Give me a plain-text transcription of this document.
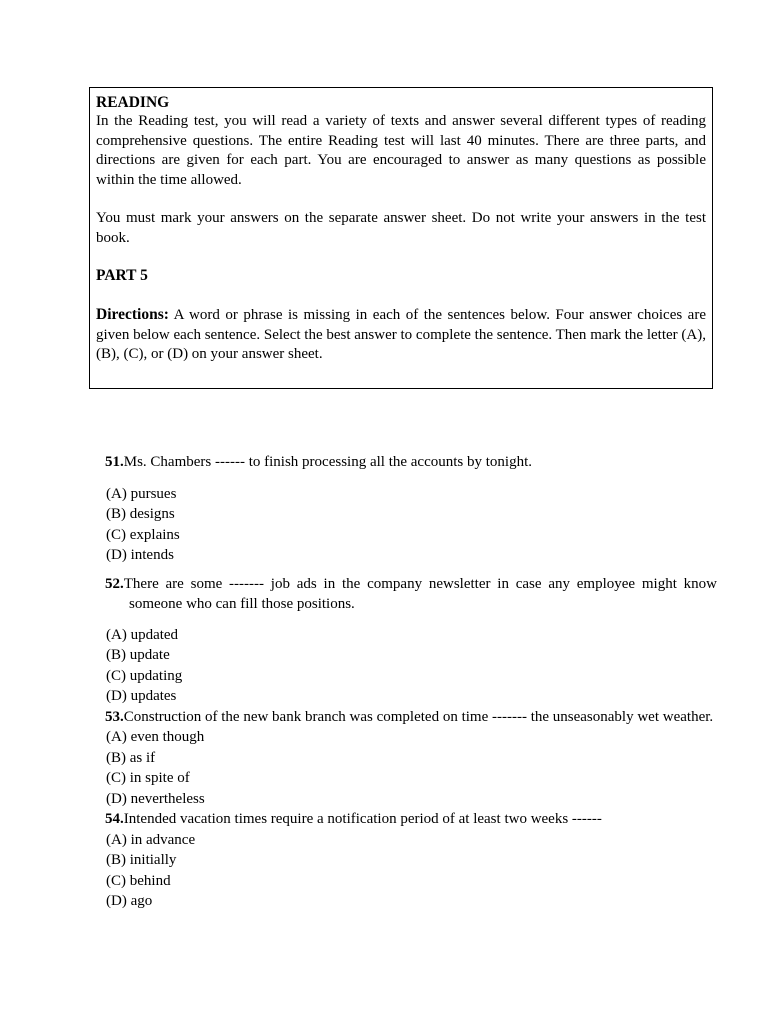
READING

In the Reading test, you will read a variety of texts and answer several different types of reading comprehensive questions. The entire Reading test will last 40 minutes. There are three parts, and directions are given for each part. You are encouraged to answer as many questions as possible within the time allowed.

You must mark your answers on the separate answer sheet. Do not write your answers in the test book.

PART 5

Directions: A word or phrase is missing in each of the sentences below. Four answer choices are given below each sentence. Select the best answer to complete the sentence. Then mark the letter (A), (B), (C), or (D) on your answer sheet.

51.Ms. Chambers ------ to finish processing all the accounts by tonight.
(A) pursues
(B) designs
(C) explains
(D) intends
52.There are some ------- job ads in the company newsletter in case any employee might know someone who can fill those positions.
(A) updated
(B) update
(C) updating
(D) updates
53.Construction of the new bank branch was completed on time ------- the unseasonably wet weather.
(A) even though
(B) as if
(C) in spite of
(D) nevertheless
54.Intended vacation times require a notification period of at least two weeks ------
(A) in advance
(B) initially
(C) behind
(D) ago
